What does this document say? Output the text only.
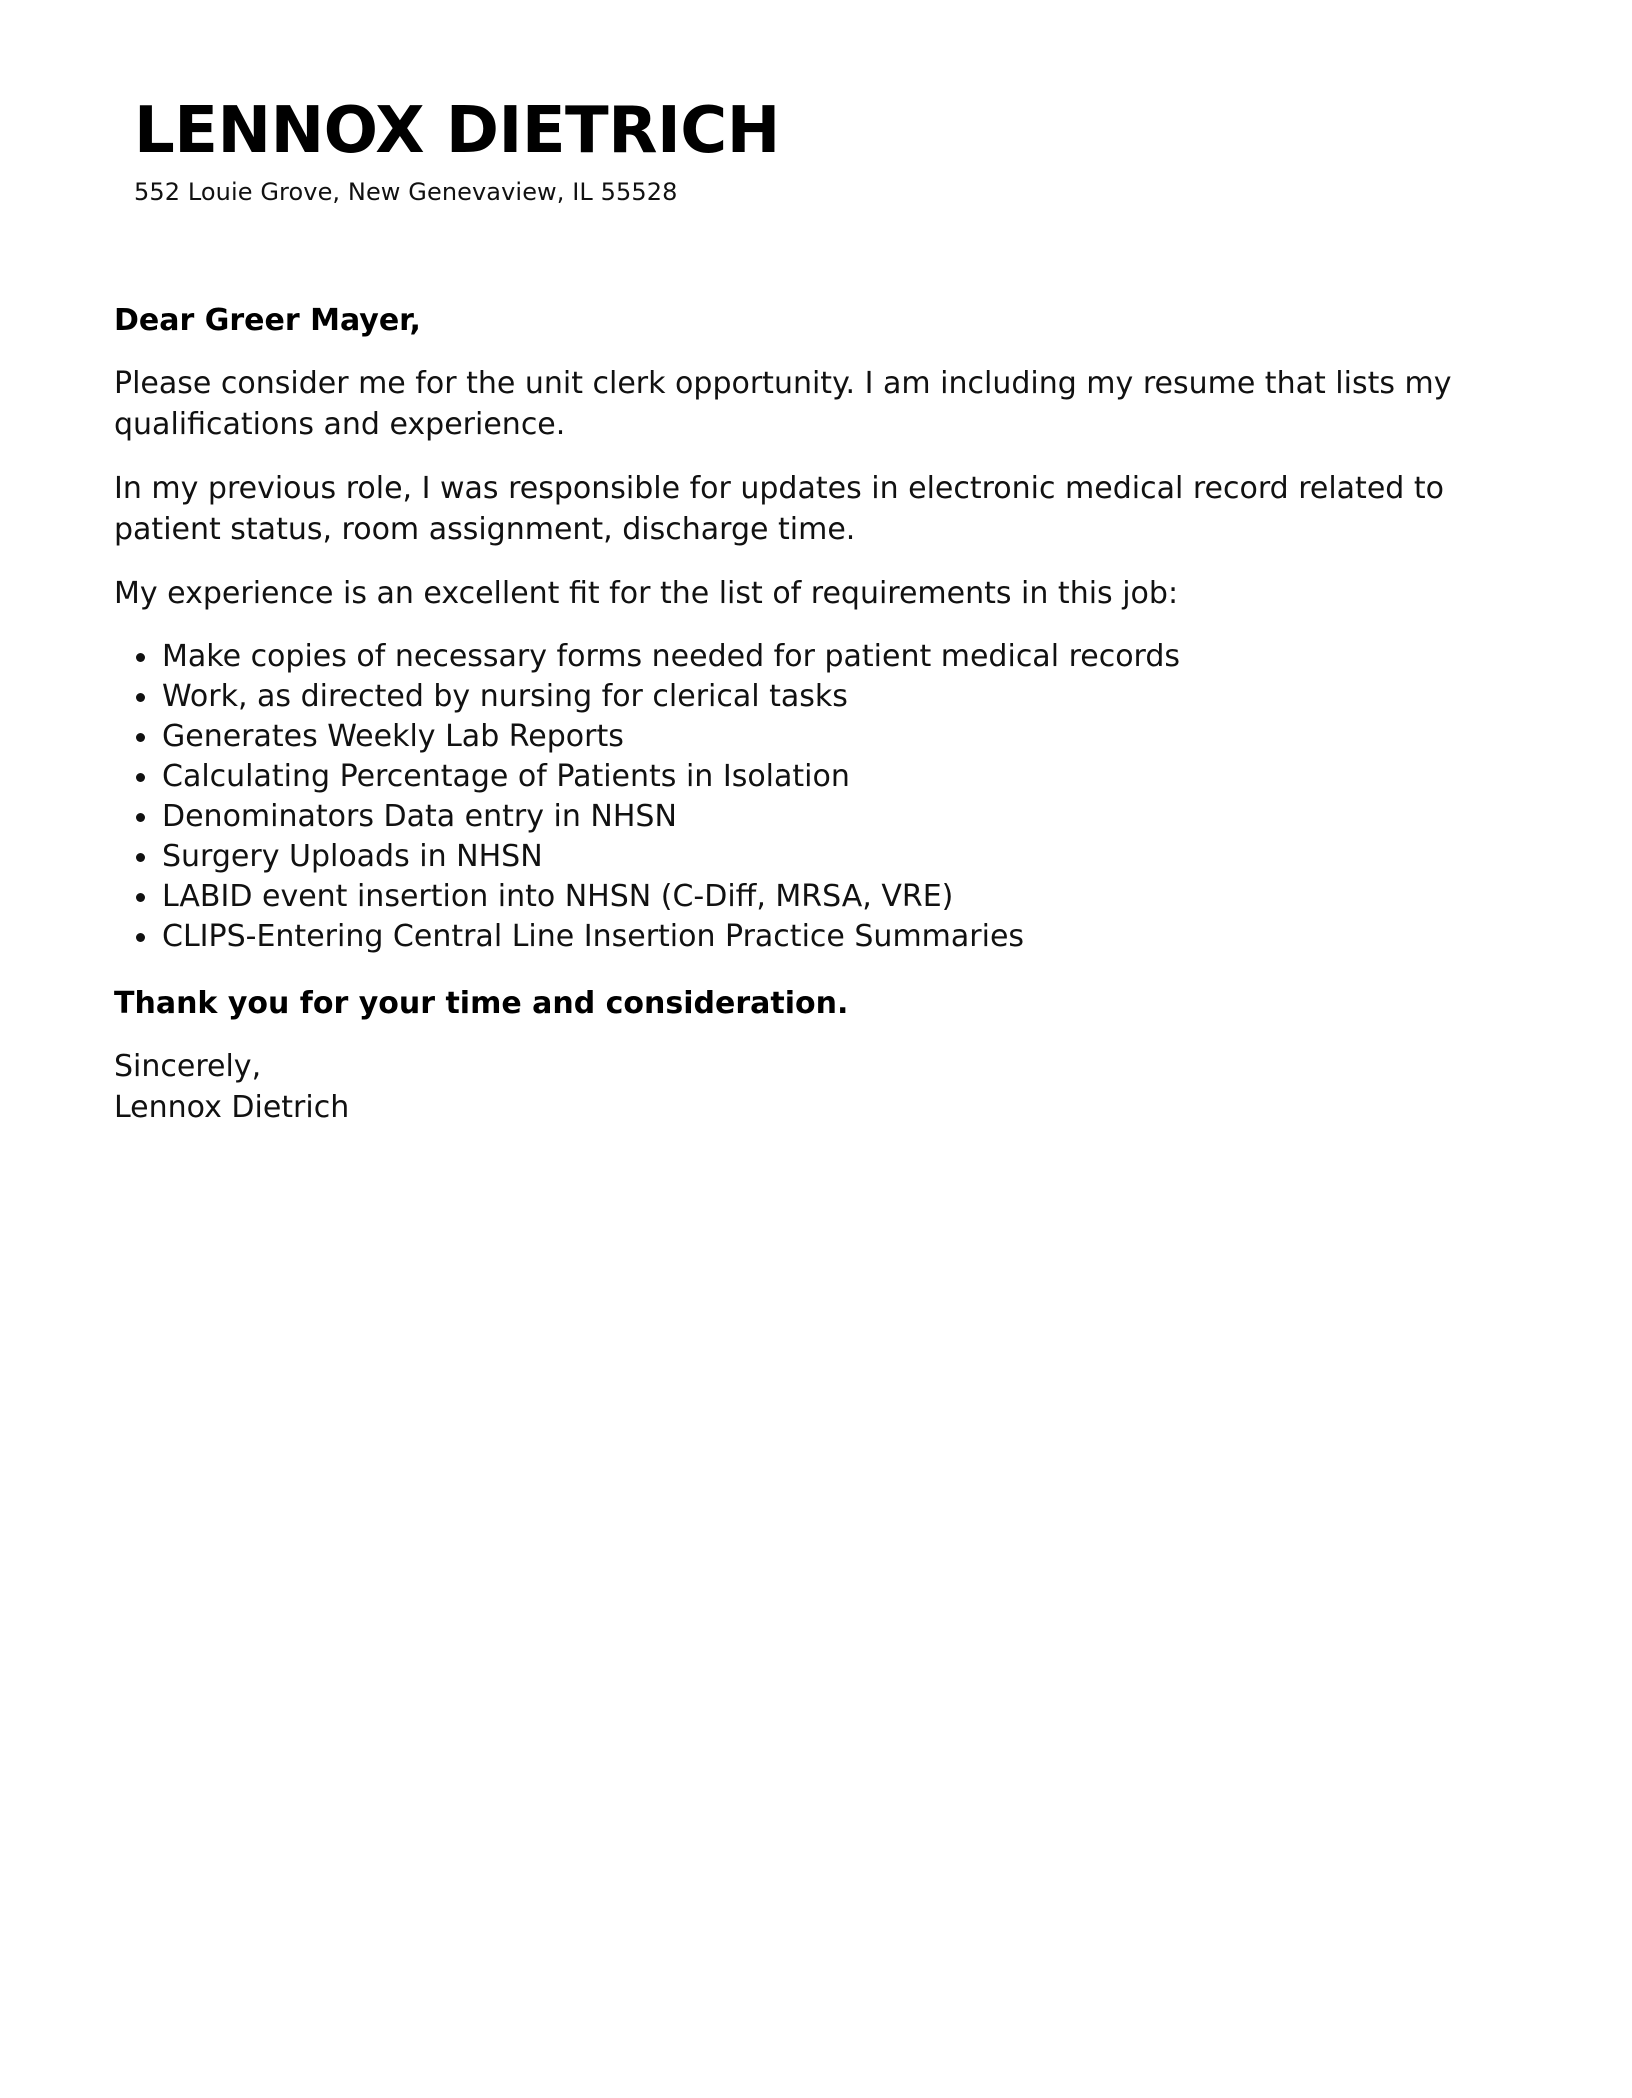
LENNOX DIETRICH

552 Louie Grove, New Genevaview, IL 55528

Dear Greer Mayer,

Please consider me for the unit clerk opportunity. I am including my resume that lists my qualifications and experience.

In my previous role, I was responsible for updates in electronic medical record related to patient status, room assignment, discharge time.

My experience is an excellent fit for the list of requirements in this job:

Make copies of necessary forms needed for patient medical records
Work, as directed by nursing for clerical tasks
Generates Weekly Lab Reports
Calculating Percentage of Patients in Isolation
Denominators Data entry in NHSN
Surgery Uploads in NHSN
LABID event insertion into NHSN (C-Diff, MRSA, VRE)
CLIPS-Entering Central Line Insertion Practice Summaries

Thank you for your time and consideration.

Sincerely,
Lennox Dietrich
